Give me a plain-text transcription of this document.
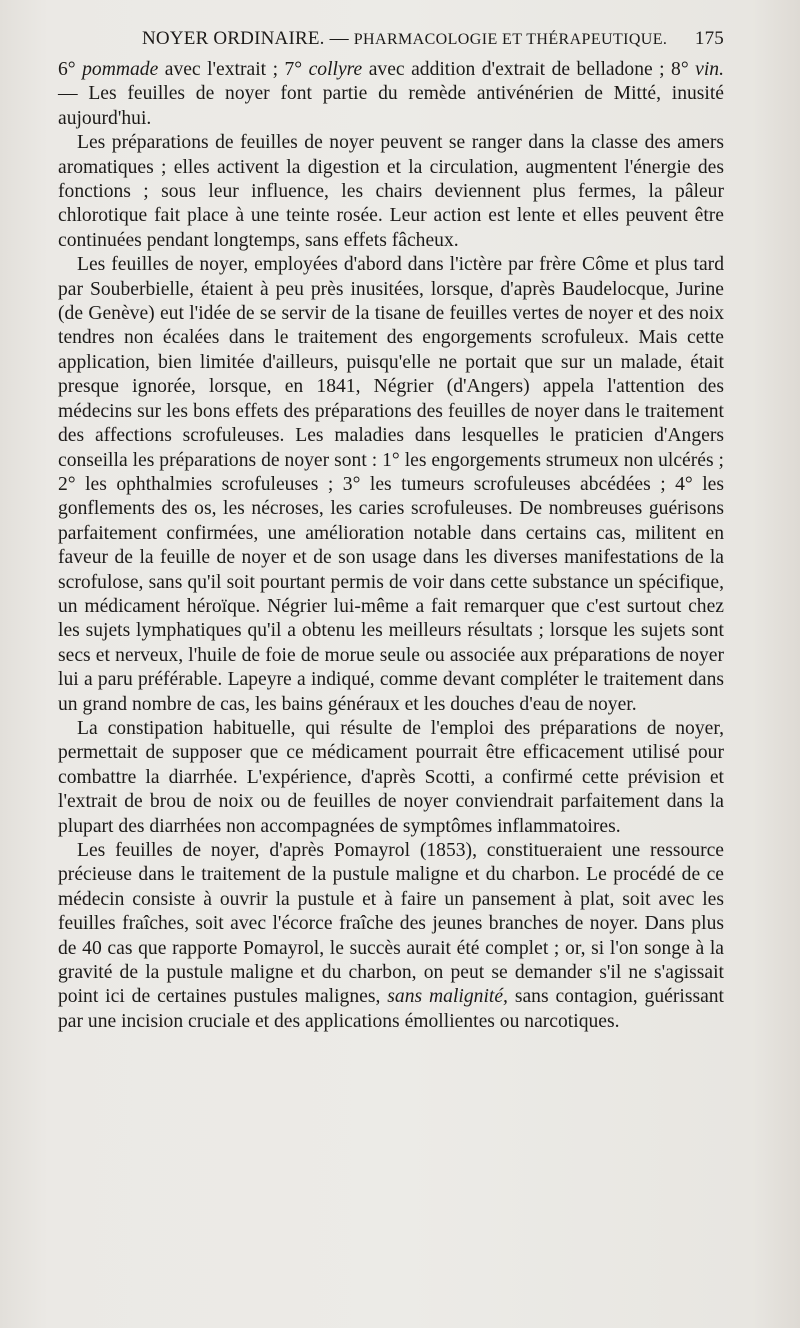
NOYER ORDINAIRE. — PHARMACOLOGIE ET THÉRAPEUTIQUE. 175

6° pommade avec l'extrait ; 7° collyre avec addition d'extrait de belladone ; 8° vin. — Les feuilles de noyer font partie du remède antivénérien de Mitté, inusité aujourd'hui.

Les préparations de feuilles de noyer peuvent se ranger dans la classe des amers aromatiques ; elles activent la digestion et la circulation, augmentent l'énergie des fonctions ; sous leur influence, les chairs deviennent plus fermes, la pâleur chlorotique fait place à une teinte rosée. Leur action est lente et elles peuvent être continuées pendant longtemps, sans effets fâcheux.

Les feuilles de noyer, employées d'abord dans l'ictère par frère Côme et plus tard par Souberbielle, étaient à peu près inusitées, lorsque, d'après Baudelocque, Jurine (de Genève) eut l'idée de se servir de la tisane de feuilles vertes de noyer et des noix tendres non écalées dans le traitement des engorgements scrofuleux. Mais cette application, bien limitée d'ailleurs, puisqu'elle ne portait que sur un malade, était presque ignorée, lorsque, en 1841, Négrier (d'Angers) appela l'attention des médecins sur les bons effets des préparations des feuilles de noyer dans le traitement des affections scrofuleuses. Les maladies dans lesquelles le praticien d'Angers conseilla les préparations de noyer sont : 1° les engorgements strumeux non ulcérés ; 2° les ophthalmies scrofuleuses ; 3° les tumeurs scrofuleuses abcédées ; 4° les gonflements des os, les nécroses, les caries scrofuleuses. De nombreuses guérisons parfaitement confirmées, une amélioration notable dans certains cas, militent en faveur de la feuille de noyer et de son usage dans les diverses manifestations de la scrofulose, sans qu'il soit pourtant permis de voir dans cette substance un spécifique, un médicament héroïque. Négrier lui-même a fait remarquer que c'est surtout chez les sujets lymphatiques qu'il a obtenu les meilleurs résultats ; lorsque les sujets sont secs et nerveux, l'huile de foie de morue seule ou associée aux préparations de noyer lui a paru préférable. Lapeyre a indiqué, comme devant compléter le traitement dans un grand nombre de cas, les bains généraux et les douches d'eau de noyer.

La constipation habituelle, qui résulte de l'emploi des préparations de noyer, permettait de supposer que ce médicament pourrait être efficacement utilisé pour combattre la diarrhée. L'expérience, d'après Scotti, a confirmé cette prévision et l'extrait de brou de noix ou de feuilles de noyer conviendrait parfaitement dans la plupart des diarrhées non accompagnées de symptômes inflammatoires.

Les feuilles de noyer, d'après Pomayrol (1853), constitueraient une ressource précieuse dans le traitement de la pustule maligne et du charbon. Le procédé de ce médecin consiste à ouvrir la pustule et à faire un pansement à plat, soit avec les feuilles fraîches, soit avec l'écorce fraîche des jeunes branches de noyer. Dans plus de 40 cas que rapporte Pomayrol, le succès aurait été complet ; or, si l'on songe à la gravité de la pustule maligne et du charbon, on peut se demander s'il ne s'agissait point ici de certaines pustules malignes, sans malignité, sans contagion, guérissant par une incision cruciale et des applications émollientes ou narcotiques.
